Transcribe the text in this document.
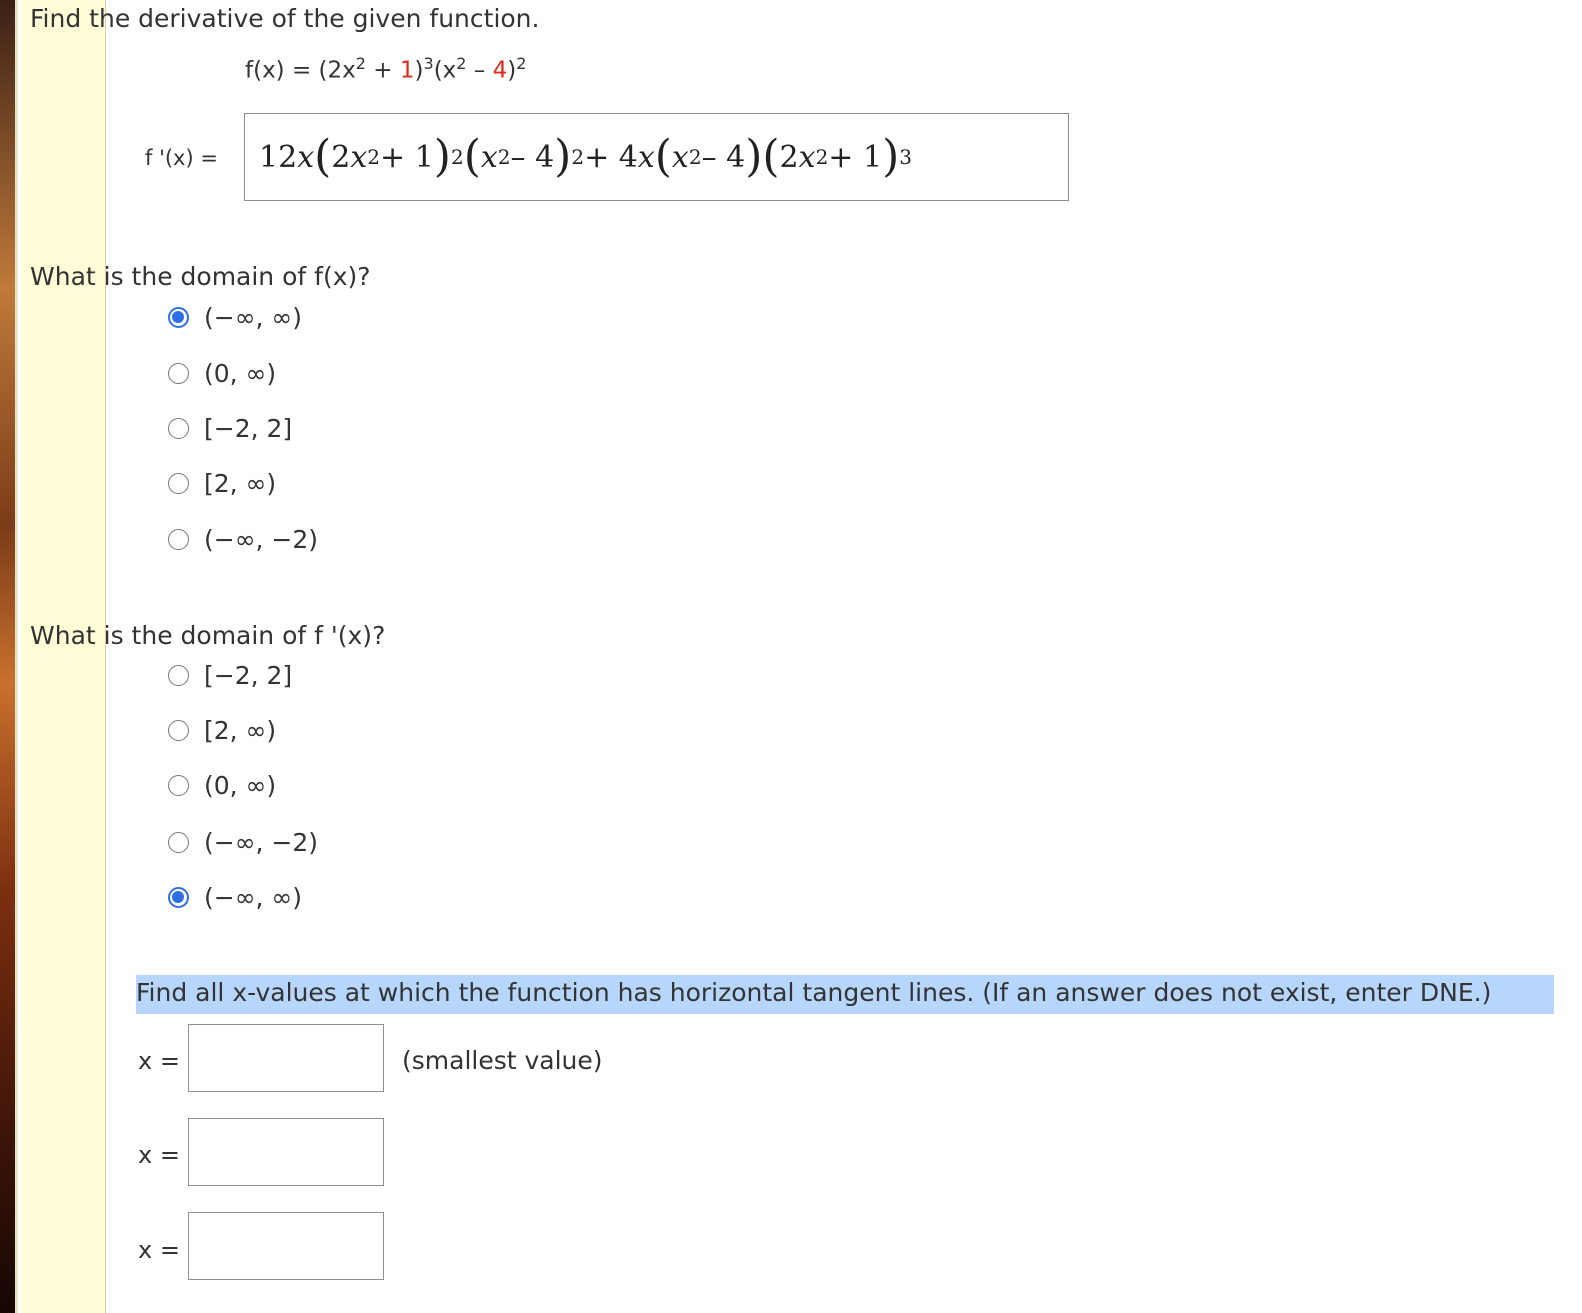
Find the derivative of the given function.
$f(x) = (2x^2 + 1)^3(x^2 - 4)^2$
f '(x) = 12 x ( 2 x 2 + 1 ) 2 ( x 2 – 4 ) 2 + 4 x ( x 2 – 4 ) ( 2 x 2 + 1 ) 3
What is the domain of f(x)?
(−∞, ∞)
(0, ∞)
[−2, 2]
[2, ∞)
(−∞, −2)
What is the domain of f '(x)?
[−2, 2]
[2, ∞)
(0, ∞)
(−∞, −2)
(−∞, ∞)
Find all x-values at which the function has horizontal tangent lines. (If an answer does not exist, enter DNE.)
x =	(smallest value)
x =
x =
